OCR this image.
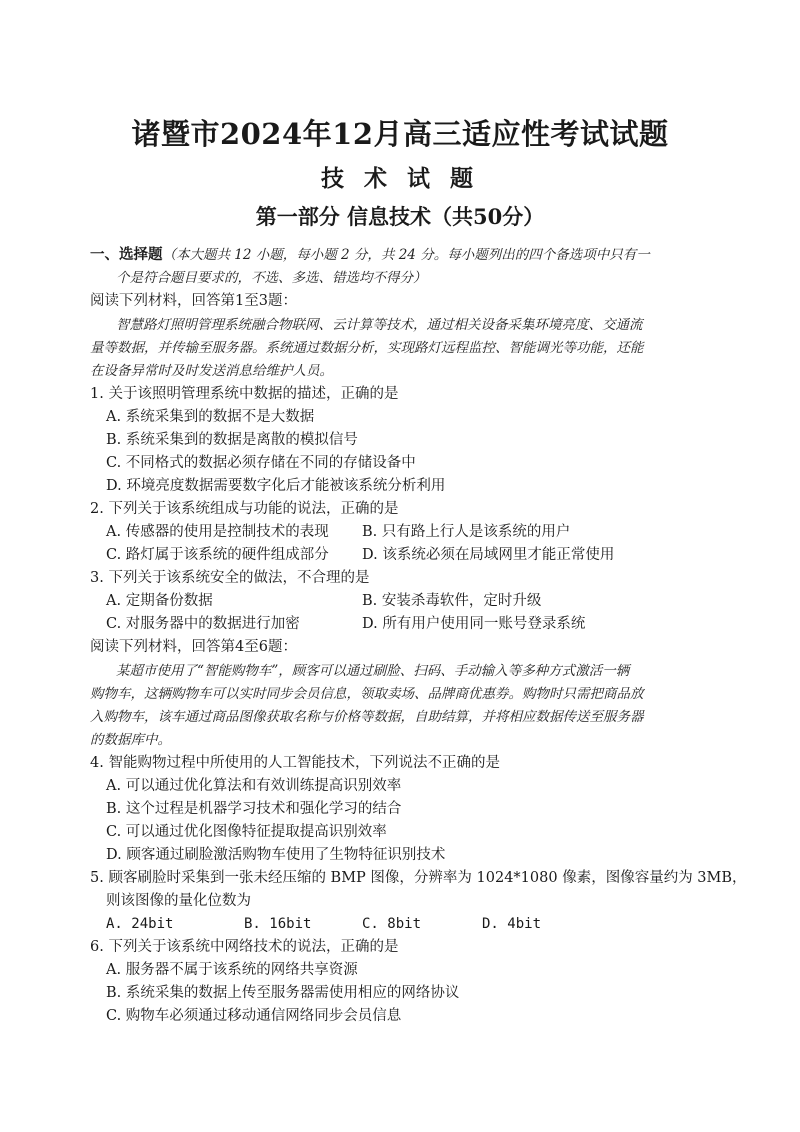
诸暨市2024年12月高三适应性考试试题
技 术 试 题
第一部分 信息技术（共50分）
一、选择题（本大题共 12 小题，每小题 2 分，共 24 分。每小题列出的四个备选项中只有一
个是符合题目要求的，不选、多选、错选均不得分）
阅读下列材料，回答第1至3题：
智慧路灯照明管理系统融合物联网、云计算等技术，通过相关设备采集环境亮度、交通流
量等数据，并传输至服务器。系统通过数据分析，实现路灯远程监控、智能调光等功能，还能
在设备异常时及时发送消息给维护人员。
1. 关于该照明管理系统中数据的描述，正确的是
A. 系统采集到的数据不是大数据
B. 系统采集到的数据是离散的模拟信号
C. 不同格式的数据必须存储在不同的存储设备中
D. 环境亮度数据需要数字化后才能被该系统分析利用
2. 下列关于该系统组成与功能的说法，正确的是
A. 传感器的使用是控制技术的表现 B. 只有路上行人是该系统的用户
C. 路灯属于该系统的硬件组成部分 D. 该系统必须在局域网里才能正常使用
3. 下列关于该系统安全的做法，不合理的是
A. 定期备份数据	B. 安装杀毒软件，定时升级
C. 对服务器中的数据进行加密	D. 所有用户使用同一账号登录系统
阅读下列材料，回答第4至6题：
某超市使用了“智能购物车”，顾客可以通过刷脸、扫码、手动输入等多种方式激活一辆
购物车，这辆购物车可以实时同步会员信息，领取卖场、品牌商优惠券。购物时只需把商品放
入购物车，该车通过商品图像获取名称与价格等数据，自助结算，并将相应数据传送至服务器
的数据库中。
4. 智能购物过程中所使用的人工智能技术，下列说法不正确的是
A. 可以通过优化算法和有效训练提高识别效率
B. 这个过程是机器学习技术和强化学习的结合
C. 可以通过优化图像特征提取提高识别效率
D. 顾客通过刷脸激活购物车使用了生物特征识别技术
5. 顾客刷脸时采集到一张未经压缩的 BMP 图像，分辨率为 1024*1080 像素，图像容量约为 3MB，
则该图像的量化位数为
A. 24bit	B. 16bit	C. 8bit	D. 4bit
6. 下列关于该系统中网络技术的说法，正确的是
A. 服务器不属于该系统的网络共享资源
B. 系统采集的数据上传至服务器需使用相应的网络协议
C. 购物车必须通过移动通信网络同步会员信息
